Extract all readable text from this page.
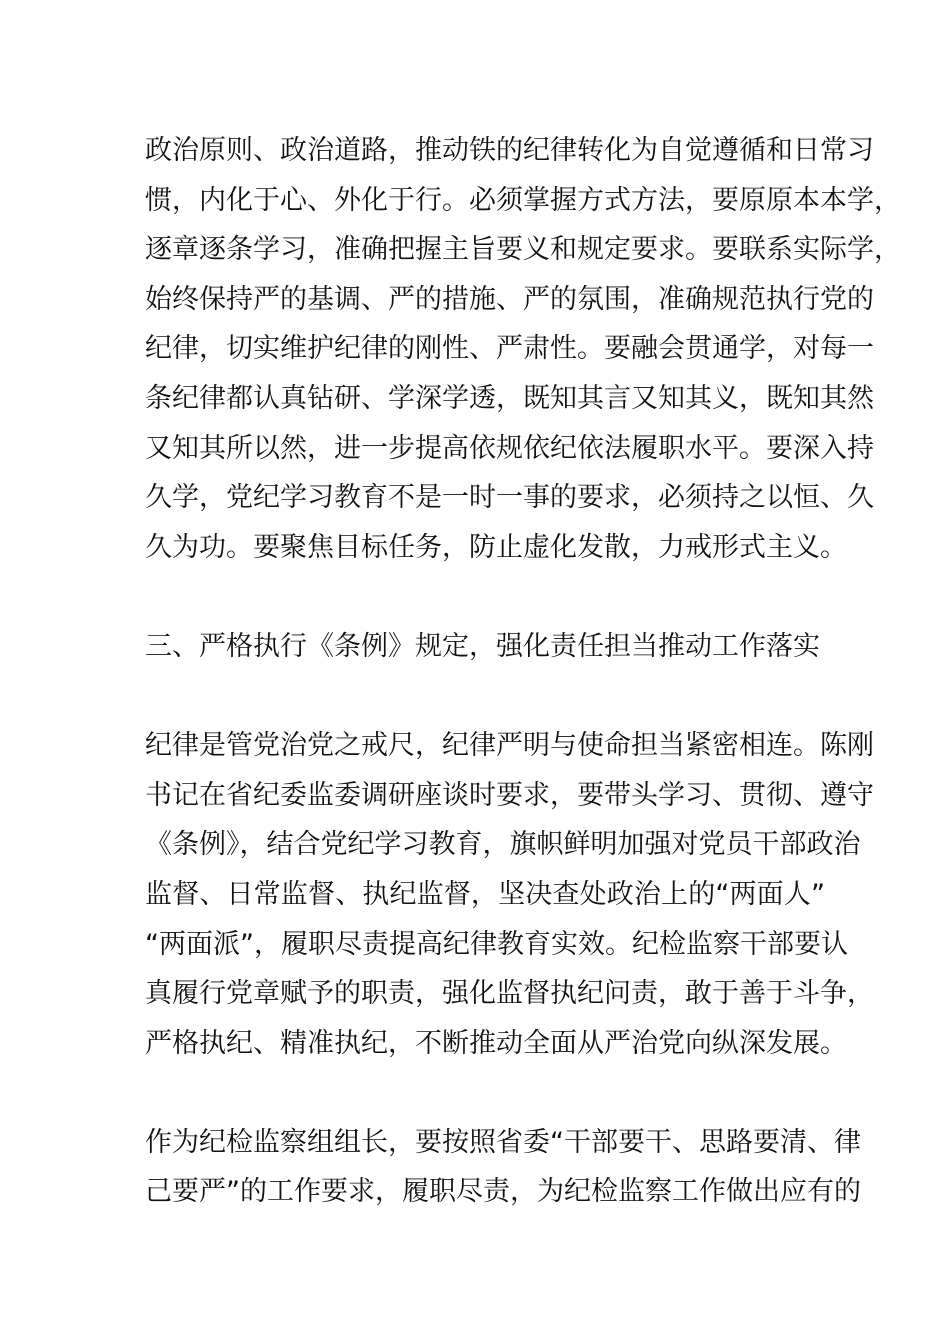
政治原则、政治道路，推动铁的纪律转化为自觉遵循和日常习
惯，内化于心、外化于行。必须掌握方式方法，要原原本本学，
逐章逐条学习，准确把握主旨要义和规定要求。要联系实际学，
始终保持严的基调、严的措施、严的氛围，准确规范执行党的
纪律，切实维护纪律的刚性、严肃性。要融会贯通学，对每一
条纪律都认真钻研、学深学透，既知其言又知其义，既知其然
又知其所以然，进一步提高依规依纪依法履职水平。要深入持
久学，党纪学习教育不是一时一事的要求，必须持之以恒、久
久为功。要聚焦目标任务，防止虚化发散，力戒形式主义。
三、严格执行《条例》规定，强化责任担当推动工作落实
纪律是管党治党之戒尺，纪律严明与使命担当紧密相连。陈刚
书记在省纪委监委调研座谈时要求，要带头学习、贯彻、遵守
《条例》，结合党纪学习教育，旗帜鲜明加强对党员干部政治
监督、日常监督、执纪监督，坚决查处政治上的“两面人”
“两面派”，履职尽责提高纪律教育实效。纪检监察干部要认
真履行党章赋予的职责，强化监督执纪问责，敢于善于斗争，
严格执纪、精准执纪，不断推动全面从严治党向纵深发展。
作为纪检监察组组长，要按照省委“干部要干、思路要清、律
己要严”的工作要求，履职尽责，为纪检监察工作做出应有的
